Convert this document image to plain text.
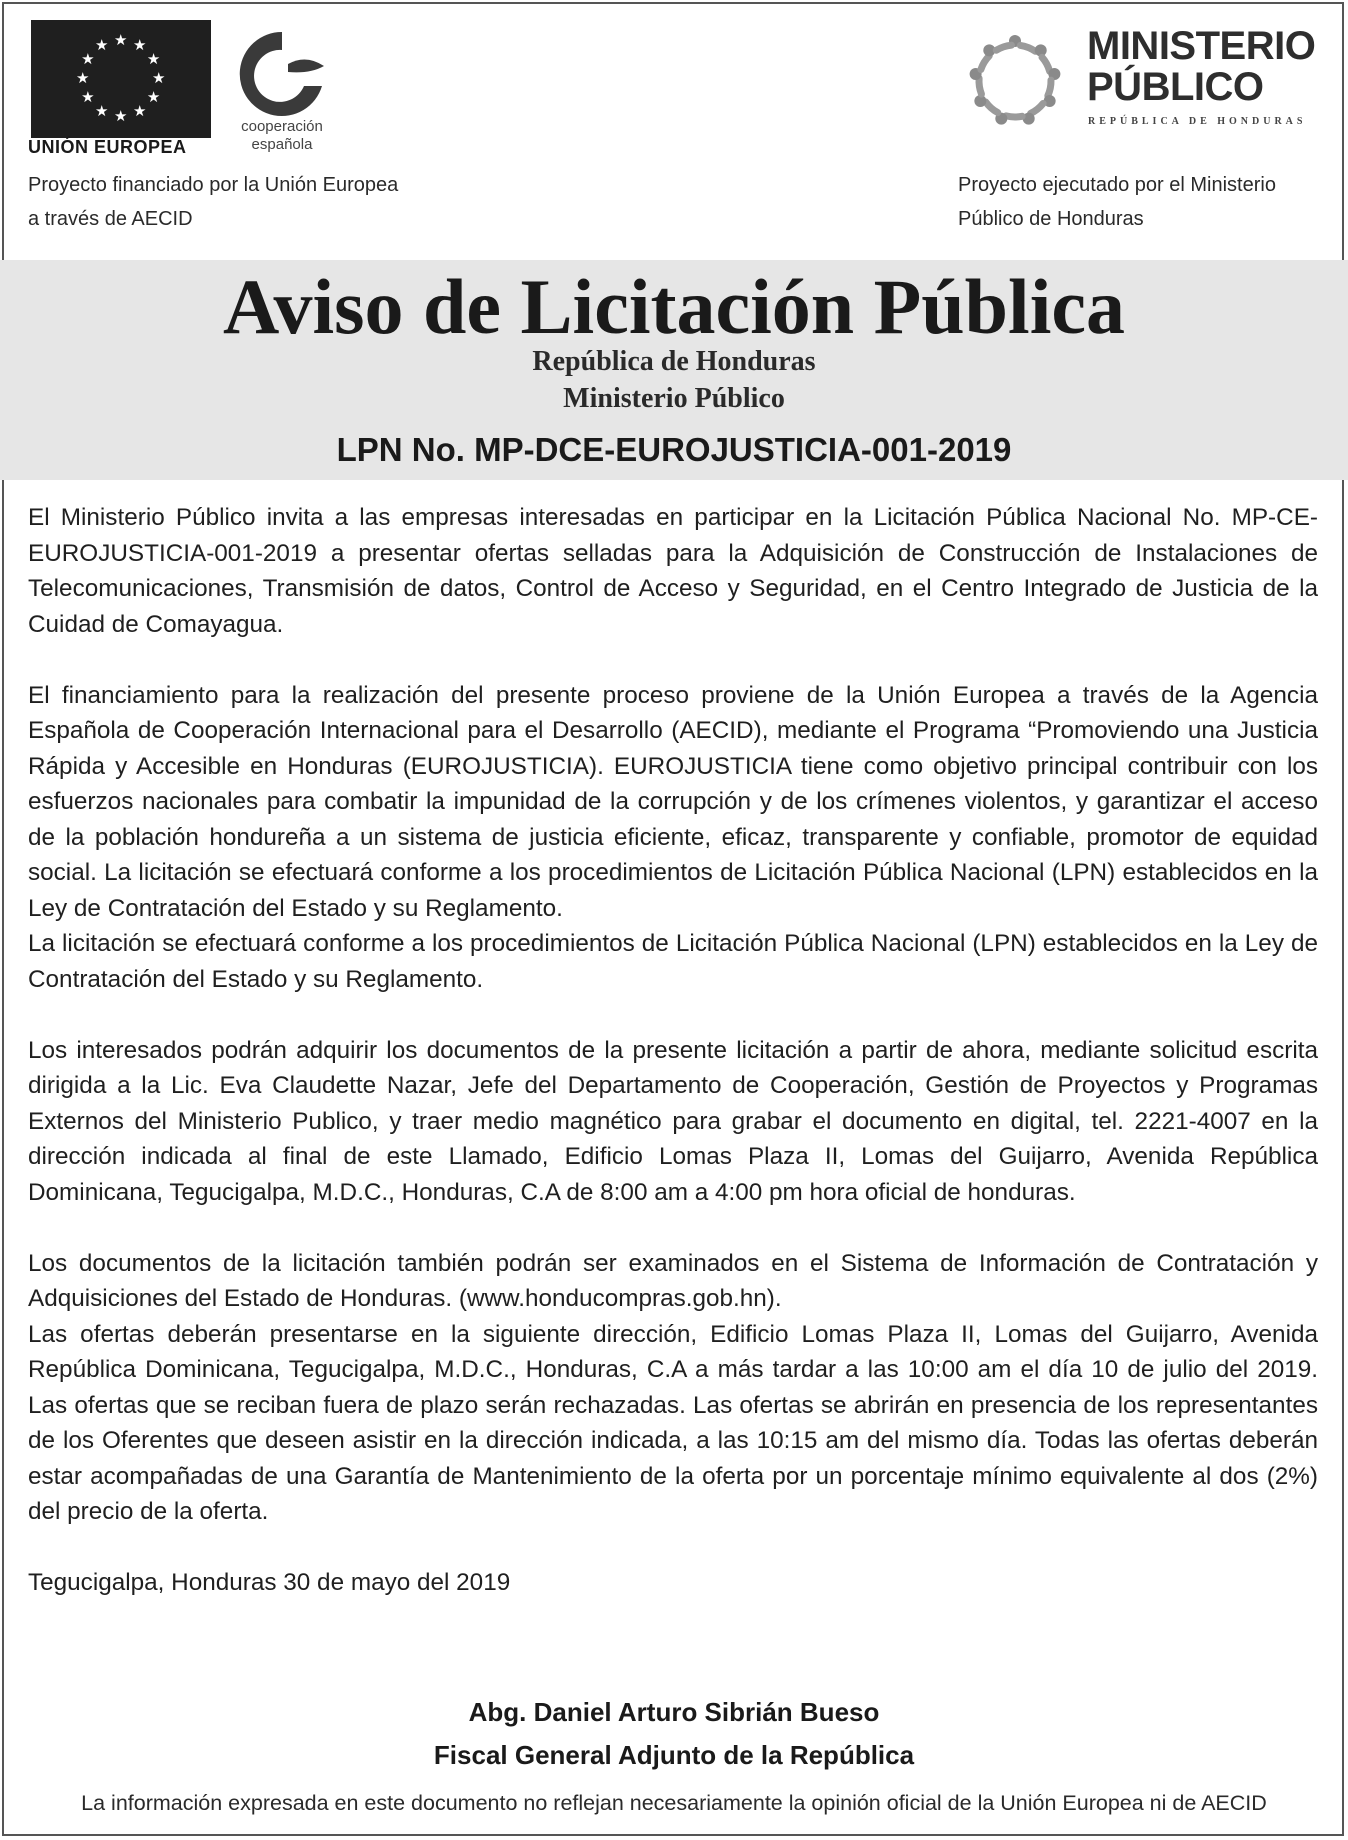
★ ★
★
★
★
★
★
★
★
★
★
★
UNIÓN EUROPEA
cooperación
española
Proyecto financiado por la Unión Europea
a través de AECID
MINISTERIO
PÚBLICO
REPÚBLICA DE HONDURAS
Proyecto ejecutado por el Ministerio
Público de Honduras
Aviso de Licitación Pública
República de Honduras
Ministerio Público
LPN No. MP-DCE-EUROJUSTICIA-001-2019

El Ministerio Público invita a las empresas interesadas en participar en la Licitación Pública Nacional No. MP-CE-EUROJUSTICIA-001-2019 a presentar ofertas selladas para la Adquisición de Construcción de Instalaciones de Telecomunicaciones, Transmisión de datos, Control de Acceso y Seguridad, en el Centro Integrado de Justicia de la Cuidad de Comayagua.

El financiamiento para la realización del presente proceso proviene de la Unión Europea a través de la Agencia Española de Cooperación Internacional para el Desarrollo (AECID), mediante el Programa “Promoviendo una Justicia Rápida y Accesible en Honduras (EUROJUSTICIA). EUROJUSTICIA tiene como objetivo principal contribuir con los esfuerzos nacionales para combatir la impunidad de la corrupción y de los crímenes violentos, y garantizar el acceso de la población hondureña a un sistema de justicia eficiente, eficaz, transparente y confiable, promotor de equidad social. La licitación se efectuará conforme a los procedimientos de Licitación Pública Nacional (LPN) establecidos en la Ley de Contratación del Estado y su Reglamento.

La licitación se efectuará conforme a los procedimientos de Licitación Pública Nacional (LPN) establecidos en la Ley de Contratación del Estado y su Reglamento.

Los interesados podrán adquirir los documentos de la presente licitación a partir de ahora, mediante solicitud escrita dirigida a la Lic. Eva Claudette Nazar, Jefe del Departamento de Cooperación, Gestión de Proyectos y Programas Externos del Ministerio Publico, y traer medio magnético para grabar el documento en digital, tel. 2221-4007 en la dirección indicada al final de este Llamado, Edificio Lomas Plaza II, Lomas del Guijarro, Avenida República Dominicana, Tegucigalpa, M.D.C., Honduras, C.A de 8:00 am a 4:00 pm hora oficial de honduras.

Los documentos de la licitación también podrán ser examinados en el Sistema de Información de Contratación y Adquisiciones del Estado de Honduras. (www.honducompras.gob.hn).

Las ofertas deberán presentarse en la siguiente dirección, Edificio Lomas Plaza II, Lomas del Guijarro, Avenida República Dominicana, Tegucigalpa, M.D.C., Honduras, C.A a más tardar a las 10:00 am el día 10 de julio del 2019. Las ofertas que se reciban fuera de plazo serán rechazadas. Las ofertas se abrirán en presencia de los representantes de los Oferentes que deseen asistir en la dirección indicada, a las 10:15 am del mismo día. Todas las ofertas deberán estar acompañadas de una Garantía de Mantenimiento de la oferta por un porcentaje mínimo equivalente al dos (2%) del precio de la oferta.

Tegucigalpa, Honduras 30 de mayo del 2019

Abg. Daniel Arturo Sibrián Bueso
Fiscal General Adjunto de la República
La información expresada en este documento no reflejan necesariamente la opinión oficial de la Unión Europea ni de AECID
